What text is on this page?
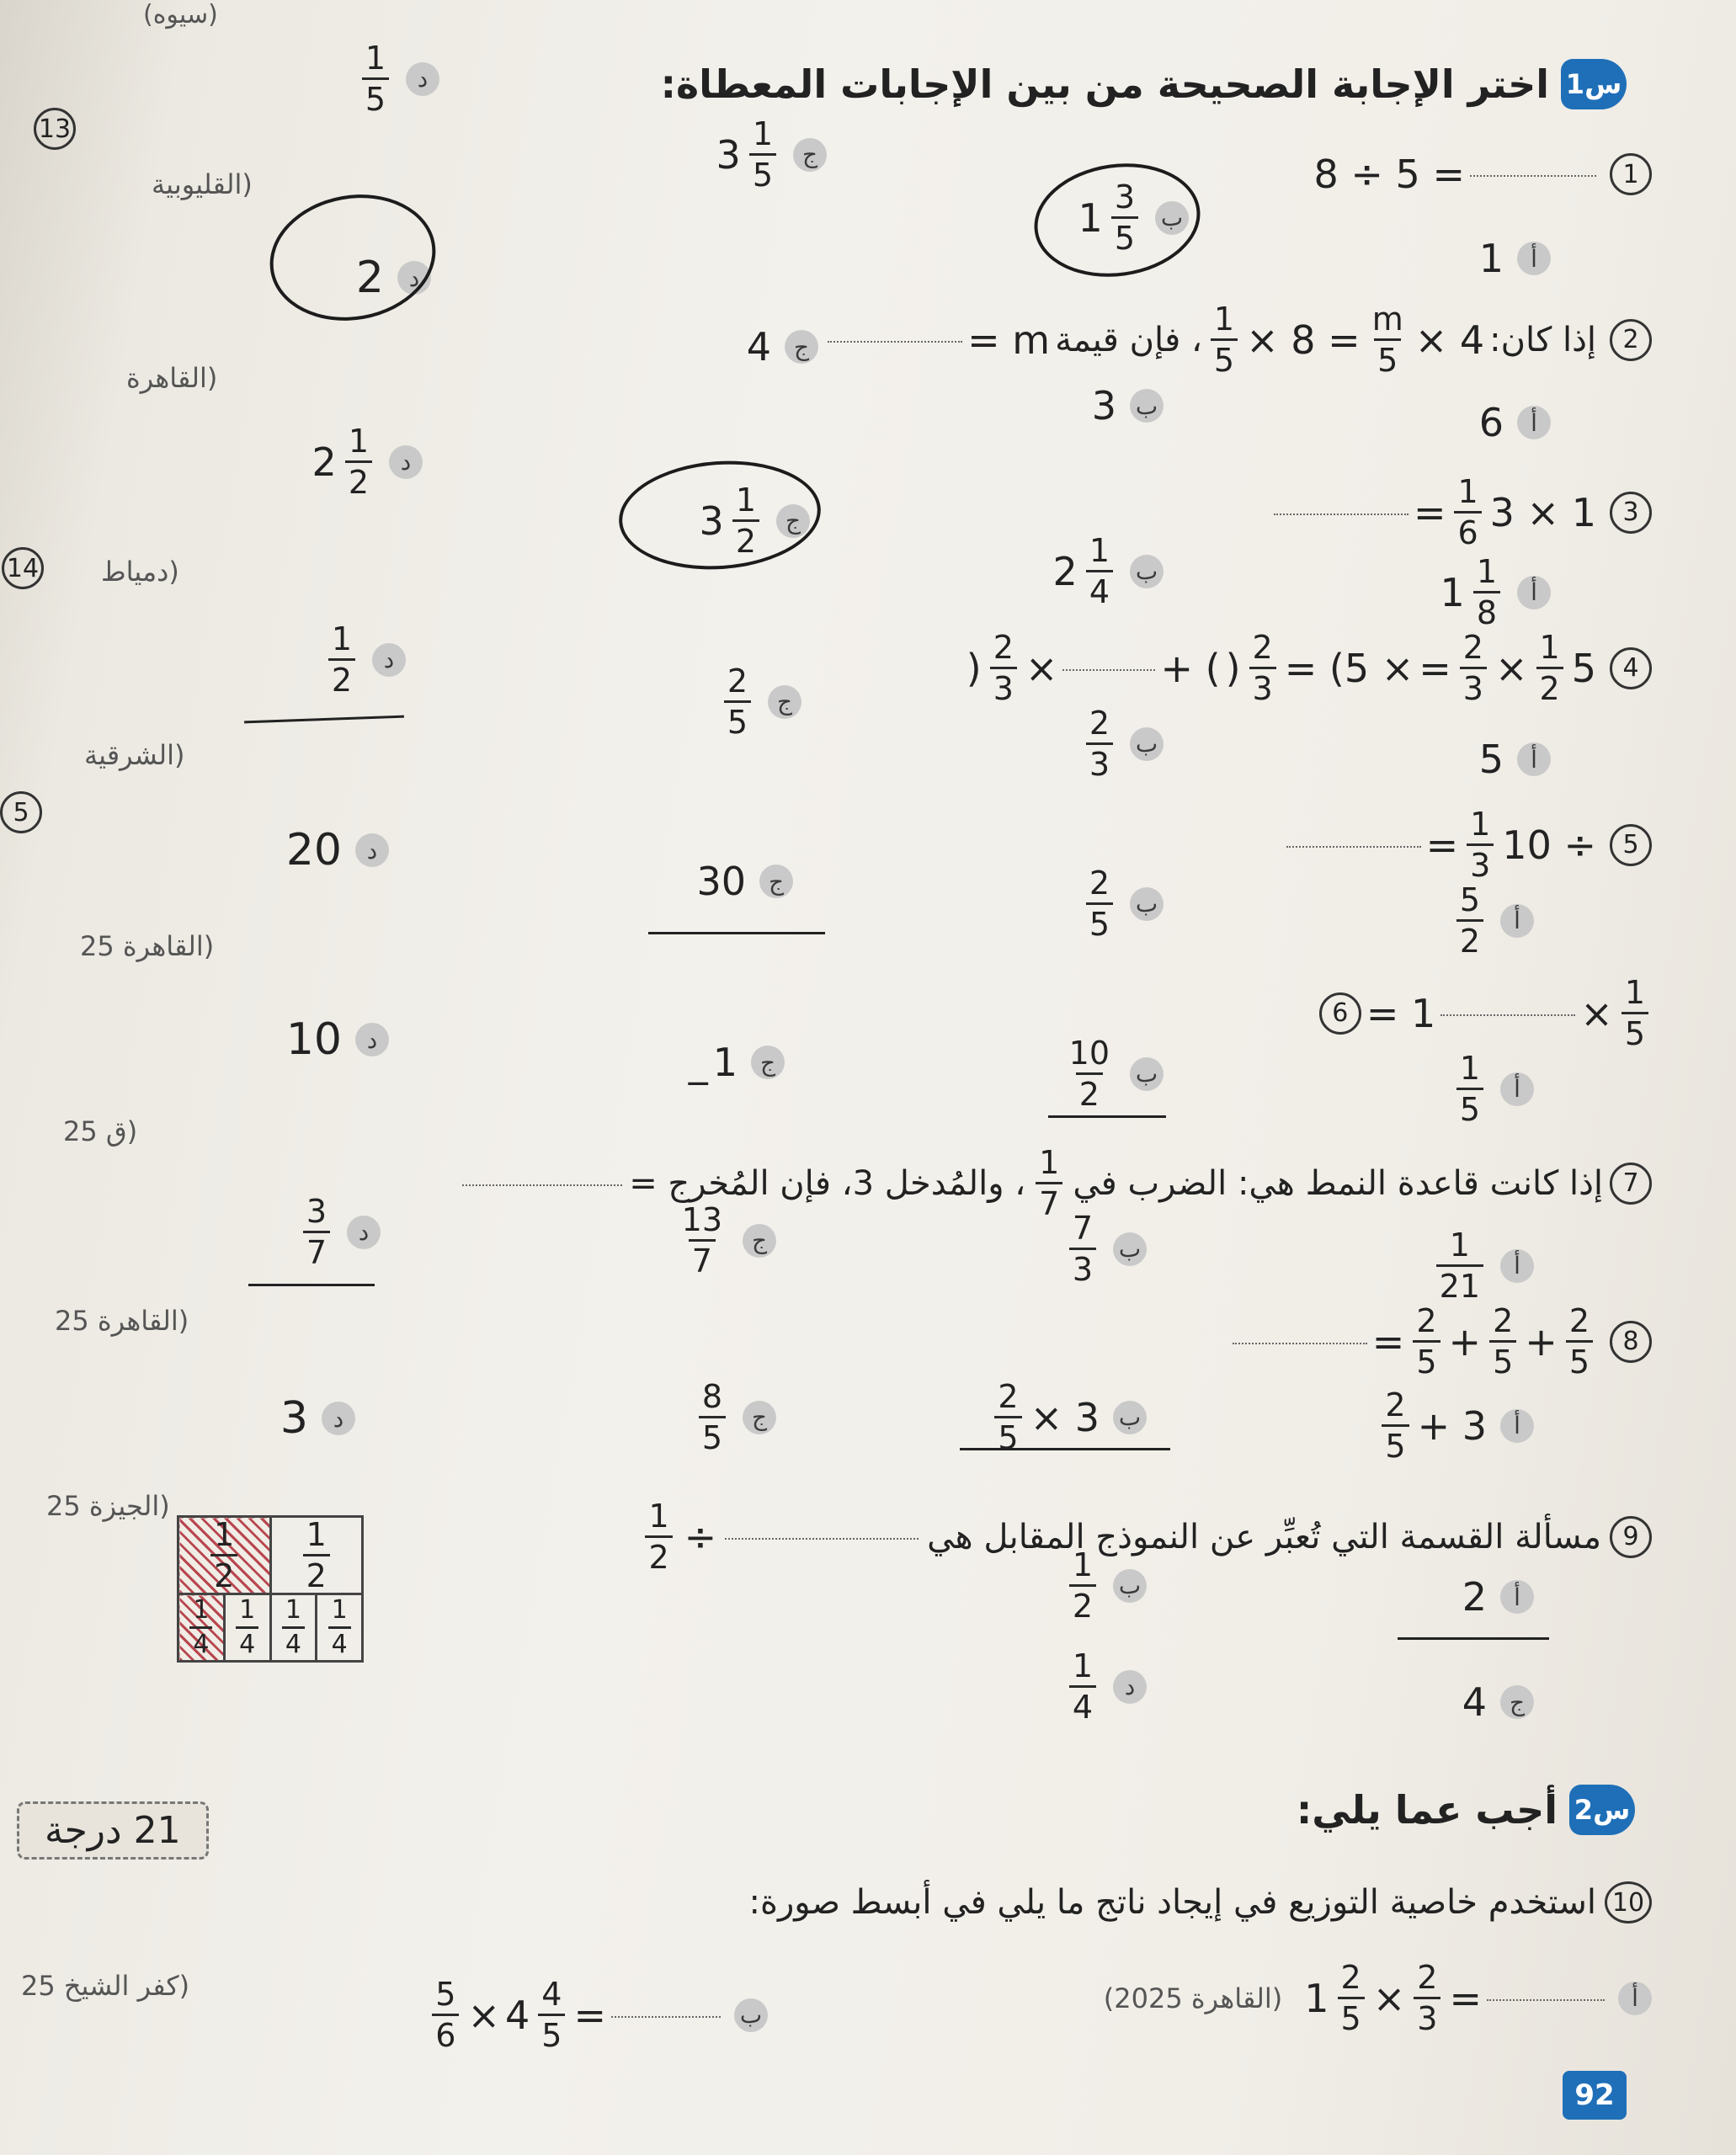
س1
اختر الإجابة الصحيحة من بين الإجابات المعطاة:
(سيوه)
13
(القليوبية
(القاهرة
14 (دمياط
(الشرقية
5
(القاهرة 25
(ق 25
(القاهرة 25
(الجيزة 25
(كفر الشيخ 25
21 درجة
8 ÷ 5 =	1
1	أ
$1 \frac{3}{5}$ ب
$3 \frac{1}{5}$	ج
$\frac{1}{5}$	د
= m ، فإن قيمة $\frac{1}{5} \times 8 = \frac{m}{5} \times 4$ إذا كان:	2
6	أ
3 ب
4 ج
2	د
= $\frac{1}{6} 3 \times 1$	3
$1 \frac{1}{8}$	أ
$2 \frac{1}{4}$ ب
$3 \frac{1}{2}$	ج
$2 \frac{1}{2}$	د
) $\frac{2}{3}$ ×	+ ( ) $\frac{2}{3} = (5$ × = $\frac{2}{3} \times \frac{1}{2} 5$	4
5	أ
$\frac{2}{3}$ ب
$\frac{2}{5}$	ج
$\frac{1}{2}$	د
= $\frac{1}{3} 10$ ÷	5
$\frac{5}{2}$	أ
$\frac{2}{5}$ ب
30 ج
20	د
= 1	× $\frac{1}{5}$
6
$\frac{1}{5}$	أ
$\frac{10}{2}$ ب
_ 1 ج
10	د
7
إذا كانت قاعدة النمط هي: الضرب في
$\frac{1}{7}$
، والمُدخل 3، فإن المُخرج =
$\frac{1}{21}$	أ
$\frac{7}{3}$ ب
$\frac{13}{7}$	ج
$\frac{3}{7}$	د
= $\frac{2}{5} + \frac{2}{5} + \frac{2}{5}$	8
$\frac{2}{5} + 3$	أ
$\frac{2}{5} \times 3$ ب
$\frac{8}{5}$	ج
3	د
9
مسألة القسمة التي تُعبِّر عن النموذج المقابل هي
÷
$\frac{1}{2}$
2	أ
$\frac{1}{2}$ ب
4 ج
$\frac{1}{4}$	د
$\frac{1}{2}$		$\frac{1}{2}$

$\frac{1}{4}$	$\frac{1}{4}$	$\frac{1}{4}$	$\frac{1}{4}$
س2
أجب عما يلي:
10
استخدم خاصية التوزيع في إيجاد ناتج ما يلي في أبسط صورة:
(القاهرة 2025) $1 \frac{2}{5} \times \frac{2}{3}$ =	أ
$\frac{5}{6} \times 4 \frac{4}{5}$ =	ب
92
